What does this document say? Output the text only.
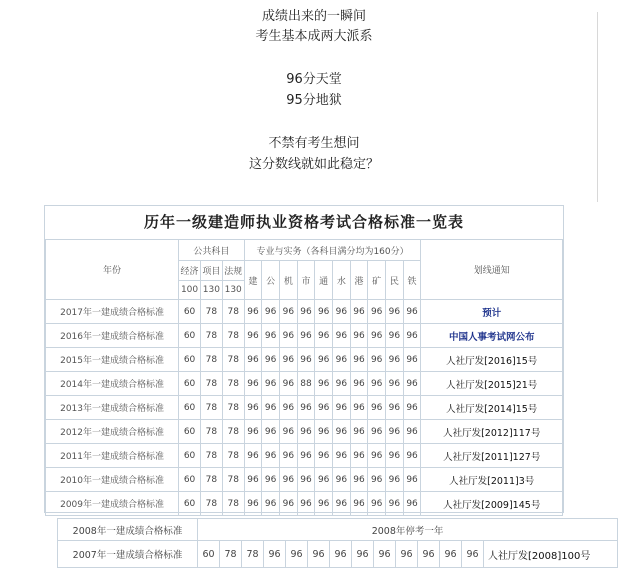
成绩出来的一瞬间
考生基本成两大派系
96分天堂
95分地狱
不禁有考生想问
这分数线就如此稳定？
历年一级建造师执业资格考试合格标准一览表
年份	公共科目			专业与实务（各科目满分均为160分）										划线通知
	经济	项目	法规	建	公	机	市	通	水	港	矿	民	铁	
	100	130	130											
2017年一建成绩合格标准	60	78	78	96	96	96	96	96	96	96	96	96	96	预计
2016年一建成绩合格标准	60	78	78	96	96	96	96	96	96	96	96	96	96	中国人事考试网公布
2015年一建成绩合格标准	60	78	78	96	96	96	96	96	96	96	96	96	96	人社厅发[2016]15号
2014年一建成绩合格标准	60	78	78	96	96	96	88	96	96	96	96	96	96	人社厅发[2015]21号
2013年一建成绩合格标准	60	78	78	96	96	96	96	96	96	96	96	96	96	人社厅发[2014]15号
2012年一建成绩合格标准	60	78	78	96	96	96	96	96	96	96	96	96	96	人社厅发[2012]117号
2011年一建成绩合格标准	60	78	78	96	96	96	96	96	96	96	96	96	96	人社厅发[2011]127号
2010年一建成绩合格标准	60	78	78	96	96	96	96	96	96	96	96	96	96	人社厅发[2011]3号
2009年一建成绩合格标准	60	78	78	96	96	96	96	96	96	96	96	96	96	人社厅发[2009]145号
2008年一建成绩合格标准	2008年停考一年													
2007年一建成绩合格标准	60	78	78	96	96	96	96	96	96	96	96	96	96	人社厅发[2008]100号
